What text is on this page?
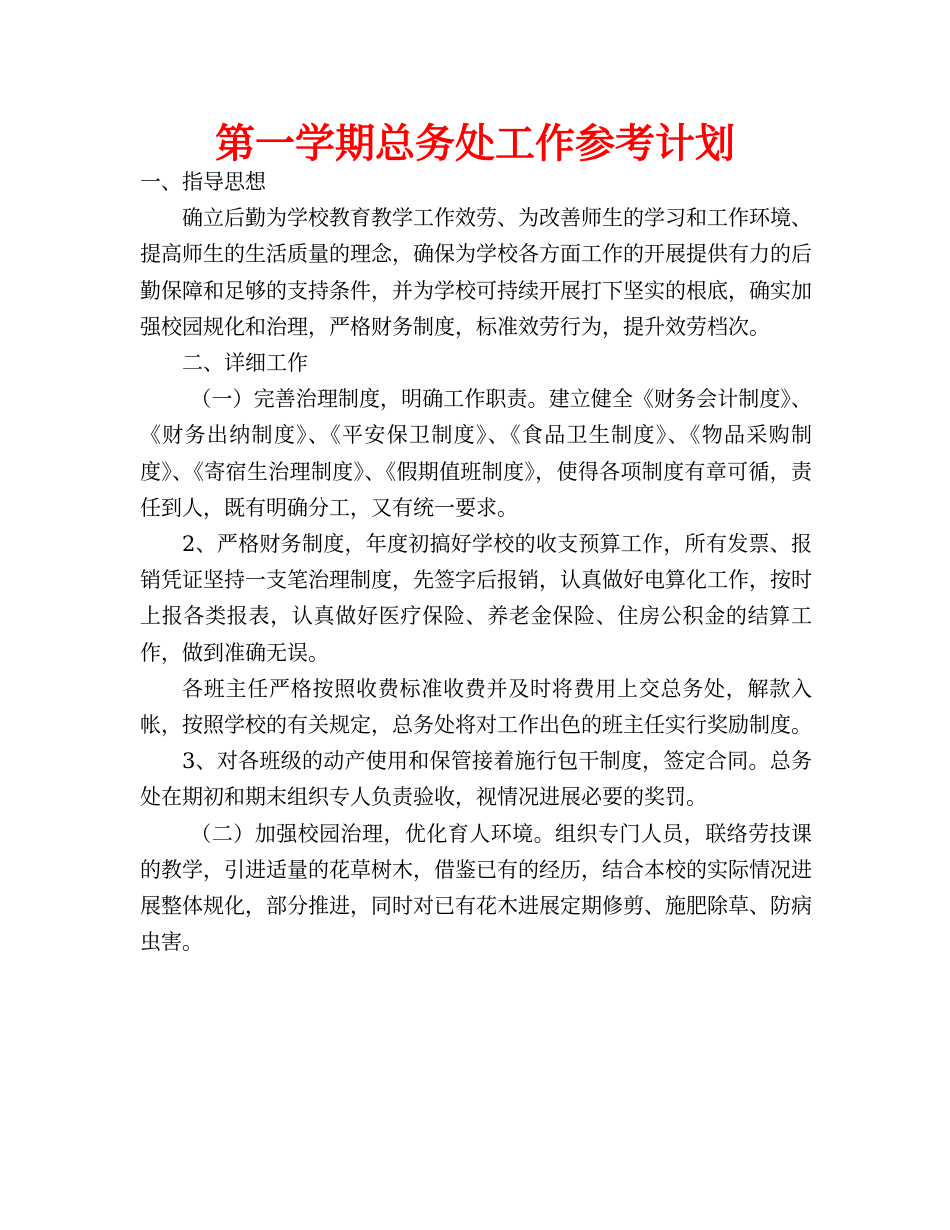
第一学期总务处工作参考计划

一、指导思想

确立后勤为学校教育教学工作效劳、为改善师生的学习和工作环境、提高师生的生活质量的理念，确保为学校各方面工作的开展提供有力的后勤保障和足够的支持条件，并为学校可持续开展打下坚实的根底，确实加强校园规化和治理，严格财务制度，标准效劳行为，提升效劳档次。

二、详细工作

（一）完善治理制度，明确工作职责。建立健全《财务会计制度》、《财务出纳制度》、《平安保卫制度》、《食品卫生制度》、《物品采购制度》、《寄宿生治理制度》、《假期值班制度》，使得各项制度有章可循，责任到人，既有明确分工，又有统一要求。

2、严格财务制度，年度初搞好学校的收支预算工作，所有发票、报销凭证坚持一支笔治理制度，先签字后报销，认真做好电算化工作，按时上报各类报表，认真做好医疗保险、养老金保险、住房公积金的结算工作，做到准确无误。

各班主任严格按照收费标准收费并及时将费用上交总务处，解款入帐，按照学校的有关规定，总务处将对工作出色的班主任实行奖励制度。

3、对各班级的动产使用和保管接着施行包干制度，签定合同。总务处在期初和期末组织专人负责验收，视情况进展必要的奖罚。

（二）加强校园治理，优化育人环境。组织专门人员，联络劳技课的教学，引进适量的花草树木，借鉴已有的经历，结合本校的实际情况进展整体规化，部分推进，同时对已有花木进展定期修剪、施肥除草、防病虫害。
